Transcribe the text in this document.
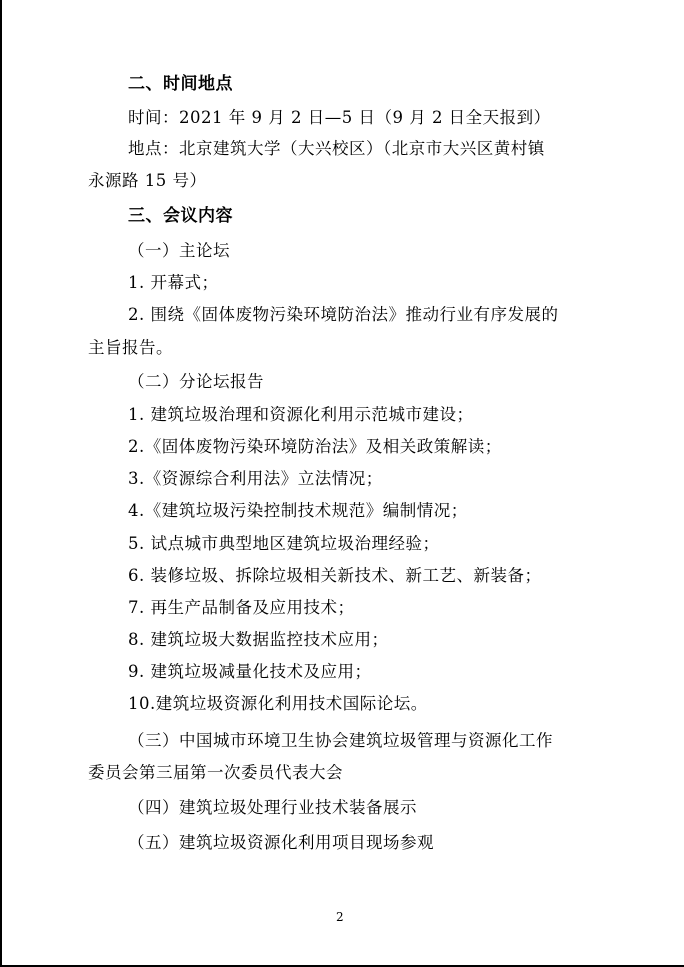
二、时间地点
时间：2021 年 9 月 2 日—5 日（9 月 2 日全天报到）
地点：北京建筑大学（大兴校区）（北京市大兴区黄村镇
永源路 15 号）
三、会议内容
（一）主论坛
1. 开幕式；
2. 围绕《固体废物污染环境防治法》推动行业有序发展的
主旨报告。
（二）分论坛报告
1. 建筑垃圾治理和资源化利用示范城市建设；
2.《固体废物污染环境防治法》及相关政策解读；
3.《资源综合利用法》立法情况；
4.《建筑垃圾污染控制技术规范》编制情况；
5. 试点城市典型地区建筑垃圾治理经验；
6. 装修垃圾、拆除垃圾相关新技术、新工艺、新装备；
7. 再生产品制备及应用技术；
8. 建筑垃圾大数据监控技术应用；
9. 建筑垃圾减量化技术及应用；
10.建筑垃圾资源化利用技术国际论坛。
（三）中国城市环境卫生协会建筑垃圾管理与资源化工作
委员会第三届第一次委员代表大会
（四）建筑垃圾处理行业技术装备展示
（五）建筑垃圾资源化利用项目现场参观
2
